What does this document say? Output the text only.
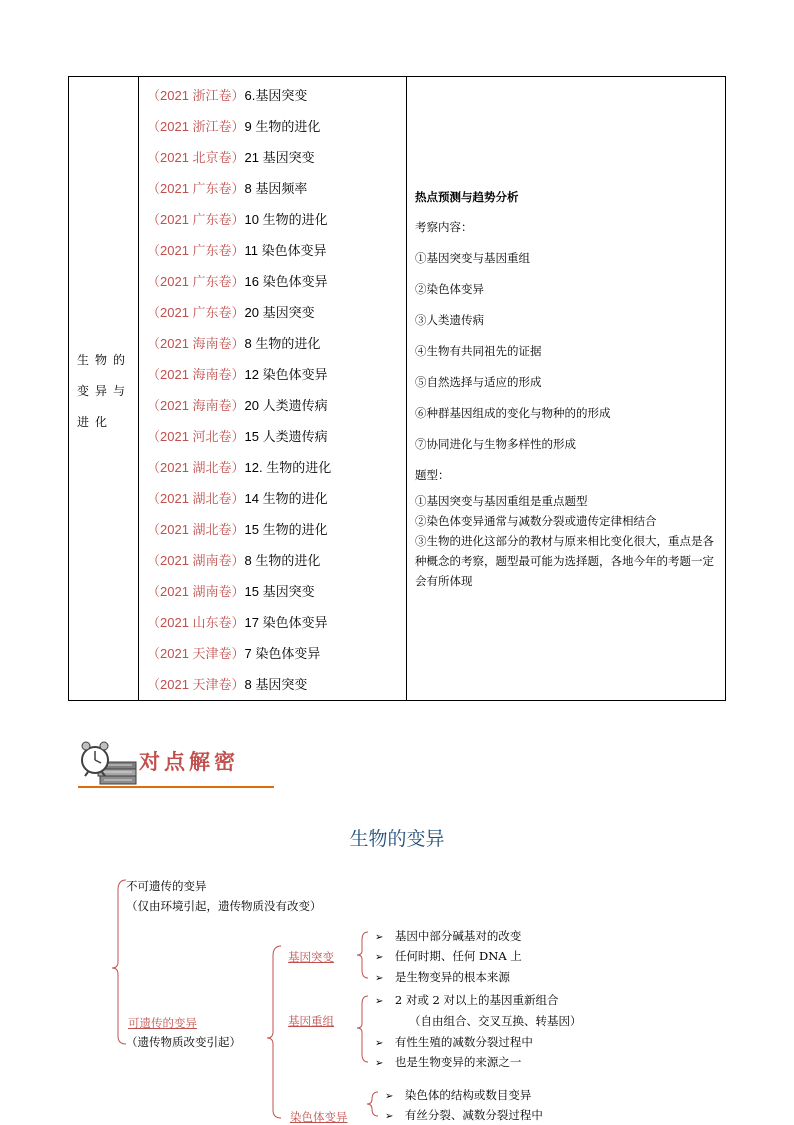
生物的
变异与
进化
（2021 浙江卷）6.基因突变
（2021 浙江卷）9 生物的进化
（2021 北京卷）21 基因突变
（2021 广东卷）8 基因频率
（2021 广东卷）10 生物的进化
（2021 广东卷）11 染色体变异
（2021 广东卷）16 染色体变异
（2021 广东卷）20 基因突变
（2021 海南卷）8 生物的进化
（2021 海南卷）12 染色体变异
（2021 海南卷）20 人类遗传病
（2021 河北卷）15 人类遗传病
（2021 湖北卷）12. 生物的进化
（2021 湖北卷）14 生物的进化
（2021 湖北卷）15 生物的进化
（2021 湖南卷）8 生物的进化
（2021 湖南卷）15 基因突变
（2021 山东卷）17 染色体变异
（2021 天津卷）7 染色体变异
（2021 天津卷）8 基因突变
热点预测与趋势分析
考察内容：
①基因突变与基因重组
②染色体变异
③人类遗传病
④生物有共同祖先的证据
⑤自然选择与适应的形成
⑥种群基因组成的变化与物种的的形成
⑦协同进化与生物多样性的形成
题型：
①基因突变与基因重组是重点题型
②染色体变异通常与减数分裂或遗传定律相结合
③生物的进化这部分的教材与原来相比变化很大，重点是各种概念的考察，题型最可能为选择题，各地今年的考题一定会有所体现
对点解密
生物的变异
不可遗传的变异
（仅由环境引起，遗传物质没有改变）
可遗传的变异
（遗传物质改变引起）
基因突变
基因重组
染色体变异
➢  基因中部分碱基对的改变
➢  任何时期、任何 DNA 上
➢  是生物变异的根本来源
➢  2 对或 2 对以上的基因重新组合
（自由组合、交叉互换、转基因）
➢  有性生殖的减数分裂过程中
➢  也是生物变异的来源之一
➢  染色体的结构或数目变异
➢  有丝分裂、减数分裂过程中
